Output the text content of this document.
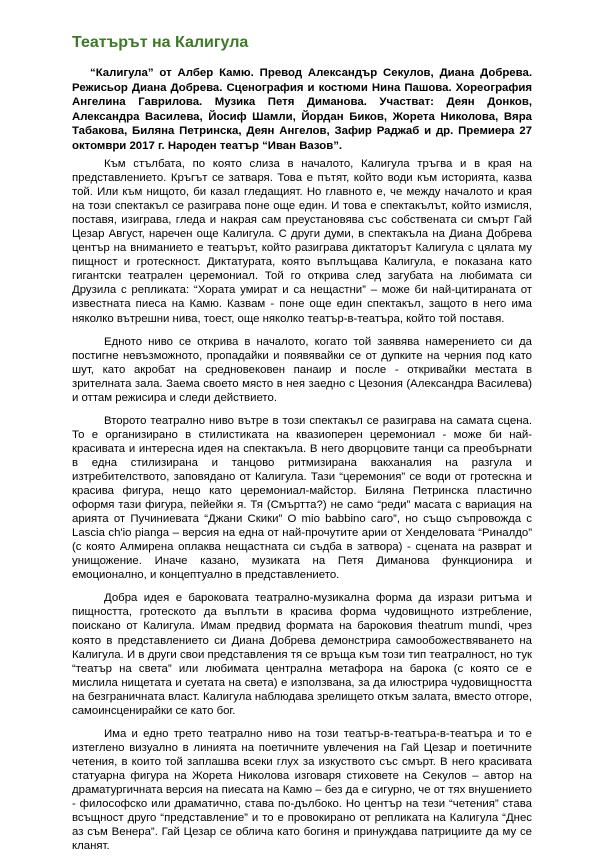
Театърът на Калигула

“Калигула” от Албер Камю. Превод Александър Секулов, Диана Добрева. Режисьор Диана Добрева. Сценография и костюми Нина Пашова. Хореография Ангелина Гаврилова. Музика Петя Диманова. Участват: Деян Донков, Александра Василева, Йосиф Шамли, Йордан Биков, Жорета Николова, Вяра Табакова, Биляна Петринска, Деян Ангелов, Зафир Раджаб и др. Премиера 27 октомври 2017 г. Народен театър “Иван Вазов”.

Към стълбата, по която слиза в началото, Калигула тръгва и в края на представлението. Кръгът се затваря. Това е пътят, който води към историята, казва той. Или към нищото, би казал гледащият. Но главното е, че между началото и края на този спектакъл се разиграва поне още един. И това е спектакълът, който измисля, поставя, изиграва, гледа и накрая сам преустановява със собствената си смърт Гай Цезар Август, наречен още Калигула. С други думи, в спектакъла на Диана Добрева център на вниманието е театърът, който разиграва диктаторът Калигула с цялата му пищност и гротескност. Диктатурата, която въплъщава Калигула, е показана като гигантски театрален церемониал. Той го открива след загубата на любимата си Друзила с репликата: “Хората умират и са нещастни” – може би най-цитираната от известната пиеса на Камю. Казвам - поне още един спектакъл, защото в него има няколко вътрешни нива, тоест, още няколко театър-в-театъра, който той поставя.

Едното ниво се открива в началото, когато той заявява намерението си да постигне невъзможното, пропадайки и появявайки се от дупките на черния под като шут, като акробат на средновековен панаир и после - откривайки местата в зрителната зала. Заема своето място в нея заедно с Цезония (Александра Василева) и оттам режисира и следи действието.

Второто театрално ниво вътре в този спектакъл се разиграва на самата сцена. То е организирано в стилистиката на квазиоперен церемониал - може би най-красивата и интересна идея на спектакъла. В него дворцовите танци са преобърнати в една стилизирана и танцово ритмизирана вакханалия на разгула и изтребителството, заповядано от Калигула. Тази “церемония” се води от гротескна и красива фигура, нещо като церемониал-майстор. Биляна Петринска пластично оформя тази фигура, пейейки я. Тя (Смъртта?) не само “реди” масата с вариация на арията от Пучиниевата “Джани Скики” O mio babbino caro”, но също съпровожда с Lascia ch'io pianga – версия на една от най-прочутите арии от Хенделовата “Риналдо” (с която Алмирена оплаква нещастната си съдба в затвора) - сцената на разврат и унищожение. Иначе казано, музиката на Петя Диманова функционира и емоционално, и концептуално в представлението.

Добра идея е бароковата театрално-музикална форма да изрази ритъма и пищността, гротеското да въплъти в красива форма чудовищното изтребление, поискано от Калигула. Имам предвид формата на бароковия theatrum mundi, чрез която в представлението си Диана Добрева демонстрира самообожествяването на Калигула. И в други свои представления тя се връща към този тип театралност, но тук “театър на света” или любимата централна метафора на барока (с която се е мислила нищетата и суетата на света) е използвана, за да илюстрира чудовищността на безграничната власт. Калигула наблюдава зрелището откъм залата, вместо отгоре, самоинсценирайки се като бог.

Има и едно трето театрално ниво на този театър-в-театъра-в-театъра и то е изтеглено визуално в линията на поетичните увлечения на Гай Цезар и поетичните четения, в които той заплашва всеки глух за изкуството със смърт. В него красивата статуарна фигура на Жорета Николова изговаря стиховете на Секулов – автор на драматургичната версия на пиесата на Камю – без да е сигурно, че от тях внушението - философско или драматично, става по-дълбоко. Но център на тези “четения” става всъщност друго “представление” и то е провокирано от репликата на Калигула “Днес аз съм Венера”. Гай Цезар се облича като богиня и принуждава патрициите да му се кланят.
